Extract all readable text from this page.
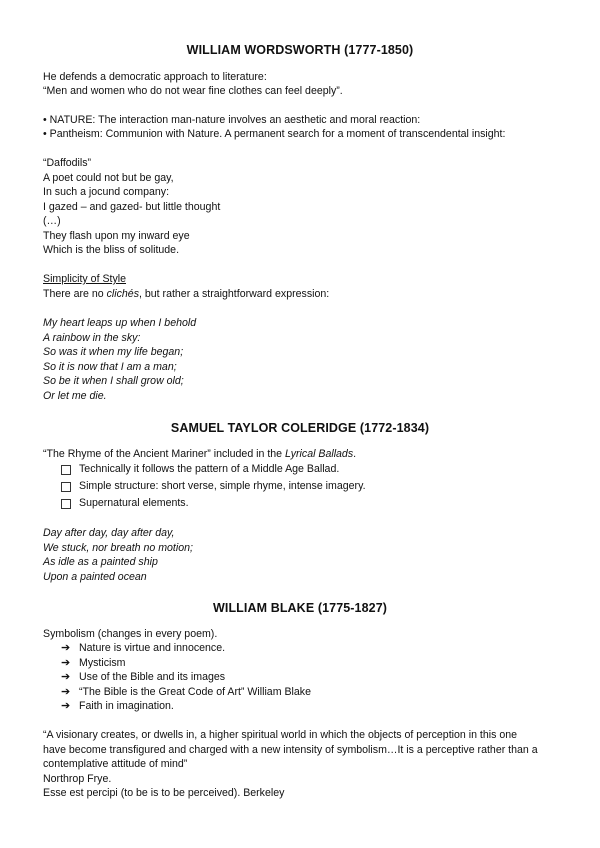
WILLIAM WORDSWORTH (1777-1850)
He defends a democratic approach to literature:
“Men and women who do not wear fine clothes can feel deeply”.
• NATURE: The interaction man-nature involves an aesthetic and moral reaction:
• Pantheism: Communion with Nature. A permanent search for a moment of transcendental insight:
“Daffodils”
A poet could not but be gay,
In such a jocund company:
I gazed – and gazed- but little thought
(…)
They flash upon my inward eye
Which is the bliss of solitude.
Simplicity of Style
There are no clichés, but rather a straightforward expression:
My heart leaps up when I behold
A rainbow in the sky:
So was it when my life began;
So it is now that I am a man;
So be it when I shall grow old;
Or let me die.
SAMUEL TAYLOR COLERIDGE (1772-1834)
“The Rhyme of the Ancient Mariner” included in the Lyrical Ballads.
Technically it follows the pattern of a Middle Age Ballad.
Simple structure: short verse, simple rhyme, intense imagery.
Supernatural elements.
Day after day, day after day,
We stuck, nor breath no motion;
As idle as a painted ship
Upon a painted ocean
WILLIAM BLAKE (1775-1827)
Symbolism (changes in every poem).
➔ Nature is virtue and innocence.
➔ Mysticism
➔ Use of the Bible and its images
➔ “The Bible is the Great Code of Art” William Blake
➔ Faith in imagination.
“A visionary creates, or dwells in, a higher spiritual world in which the objects of perception in this one
have become transfigured and charged with a new intensity of symbolism…It is a perceptive rather than a
contemplative attitude of mind”
Northrop Frye.
Esse est percipi (to be is to be perceived). Berkeley
